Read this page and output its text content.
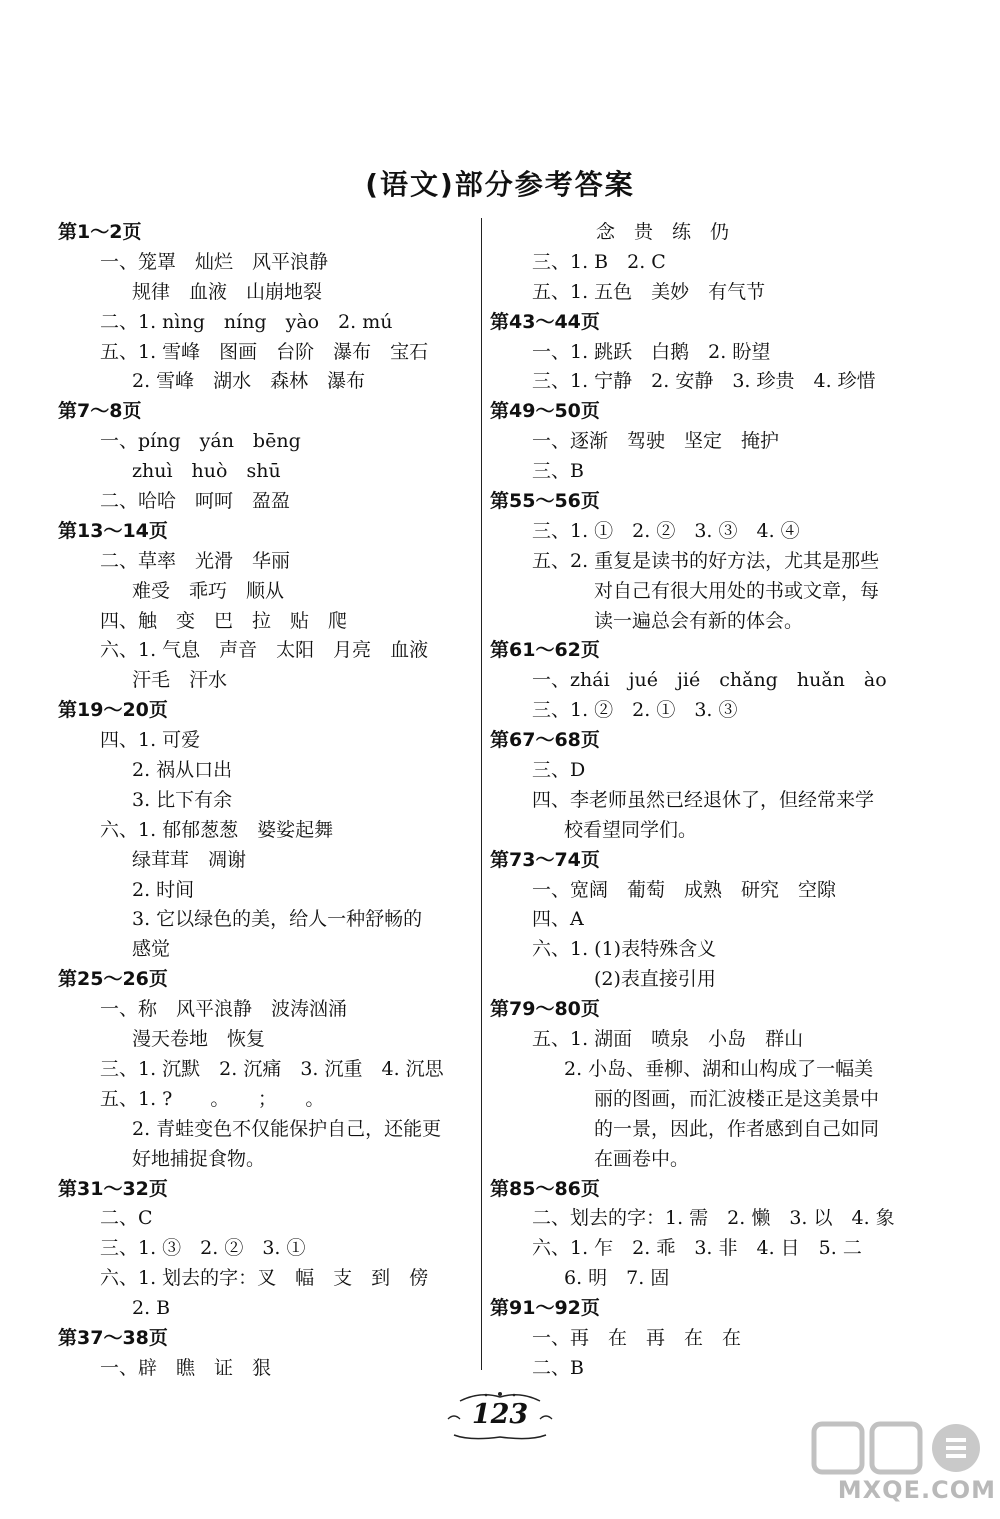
(语文)部分参考答案
第1～2页
一、笼罩　灿烂　风平浪静
规律　血液　山崩地裂
二、1. nìng　níng　yào　2. mú
五、1. 雪峰　图画　台阶　瀑布　宝石
2. 雪峰　湖水　森林　瀑布
第7～8页
一、píng　yán　bēng
zhuì　huò　shū
二、哈哈　呵呵　盈盈
第13～14页
二、草率　光滑　华丽
难受　乖巧　顺从
四、触　变　巴　拉　贴　爬
六、1. 气息　声音　太阳　月亮　血液
汗毛　汗水
第19～20页
四、1. 可爱
2. 祸从口出
3. 比下有余
六、1. 郁郁葱葱　婆娑起舞
绿茸茸　凋谢
2. 时间
3. 它以绿色的美，给人一种舒畅的
感觉
第25～26页
一、称　风平浪静　波涛汹涌
漫天卷地　恢复
三、1. 沉默　2. 沉痛　3. 沉重　4. 沉思
五、1. ?　　。　　；　　。
2. 青蛙变色不仅能保护自己，还能更
好地捕捉食物。
第31～32页
二、C
三、1. ③　2. ②　3. ①
六、1. 划去的字：叉　幅　支　到　傍
2. B
第37～38页
一、辟　瞧　证　狠
念　贵　练　仍
三、1. B　2. C
五、1. 五色　美妙　有气节
第43～44页
一、1. 跳跃　白鹅　2. 盼望
三、1. 宁静　2. 安静　3. 珍贵　4. 珍惜
第49～50页
一、逐渐　驾驶　坚定　掩护
三、B
第55～56页
三、1. ①　2. ②　3. ③　4. ④
五、2. 重复是读书的好方法，尤其是那些
对自己有很大用处的书或文章，每
读一遍总会有新的体会。
第61～62页
一、zhái　jué　jié　chǎng　huǎn　ào
三、1. ②　2. ①　3. ③
第67～68页
三、D
四、李老师虽然已经退休了，但经常来学
校看望同学们。
第73～74页
一、宽阔　葡萄　成熟　研究　空隙
四、A
六、1. (1)表特殊含义
(2)表直接引用
第79～80页
五、1. 湖面　喷泉　小岛　群山
2. 小岛、垂柳、湖和山构成了一幅美
丽的图画，而汇波楼正是这美景中
的一景，因此，作者感到自己如同
在画卷中。
第85～86页
二、划去的字：1. 需　2. 懒　3. 以　4. 象
六、1. 乍　2. 乖　3. 非　4. 日　5. 二
6. 明　7. 固
第91～92页
一、再　在　再　在　在
二、B
123
MXQE.COM
